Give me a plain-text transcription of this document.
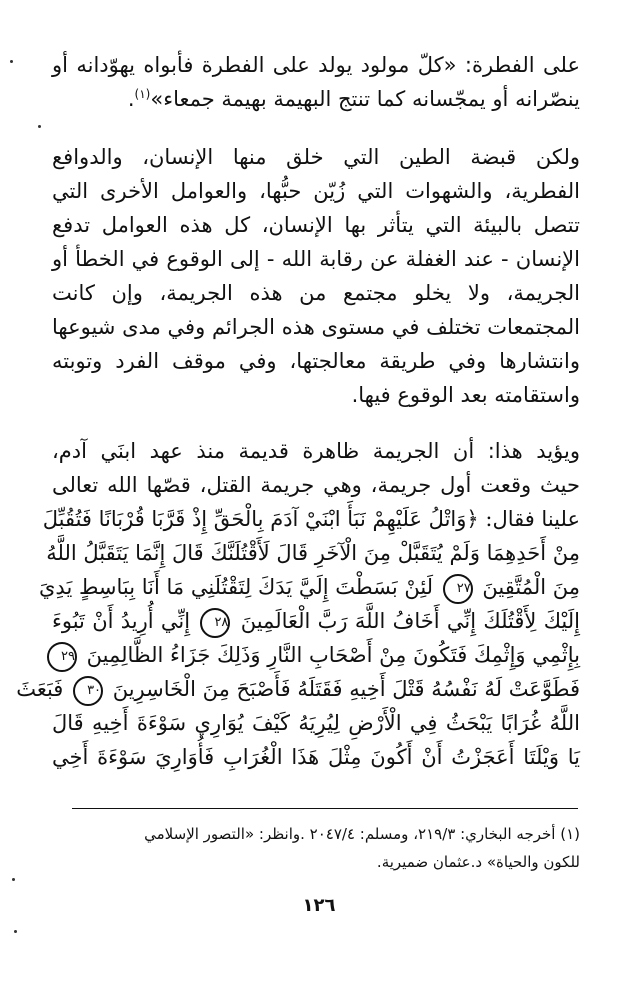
على الفطرة: «كلّ مولود يولد على الفطرة فأبواه يهوّدانه أو
ينصّرانه أو يمجّسانه كما تنتج البهيمة بهيمة جمعاء»$^{(١)}$.
ولكن قبضة الطين التي خلق منها الإنسان، والدوافع
الفطرية، والشهوات التي زُيّن حبُّها، والعوامل الأخرى التي
تتصل بالبيئة التي يتأثر بها الإنسان، كل هذه العوامل تدفع
الإنسان - عند الغفلة عن رقابة الله - إلى الوقوع في الخطأ أو
الجريمة، ولا يخلو مجتمع من هذه الجريمة، وإن كانت
المجتمعات تختلف في مستوى هذه الجرائم وفي مدى شيوعها
وانتشارها وفي طريقة معالجتها، وفي موقف الفرد وتوبته
واستقامته بعد الوقوع فيها.
ويؤيد هذا: أن الجريمة ظاهرة قديمة منذ عهد ابنَي آدم،
حيث وقعت أول جريمة، وهي جريمة القتل، قصّها الله تعالى
علينا فقال: ﴿وَاتْلُ عَلَيْهِمْ نَبَأَ ابْنَيْ آدَمَ بِالْحَقِّ إِذْ قَرَّبَا قُرْبَانًا فَتُقُبِّلَ
مِنْ أَحَدِهِمَا وَلَمْ يُتَقَبَّلْ مِنَ الْآخَرِ قَالَ لَأَقْتُلَنَّكَ قَالَ إِنَّمَا يَتَقَبَّلُ اللَّهُ
مِنَ الْمُتَّقِينَ ٢٧ لَئِنْ بَسَطْتَ إِلَيَّ يَدَكَ لِتَقْتُلَنِي مَا أَنَا بِبَاسِطٍ يَدِيَ
إِلَيْكَ لِأَقْتُلَكَ إِنِّي أَخَافُ اللَّهَ رَبَّ الْعَالَمِينَ ٢٨ إِنِّي أُرِيدُ أَنْ تَبُوءَ
بِإِثْمِي وَإِثْمِكَ فَتَكُونَ مِنْ أَصْحَابِ النَّارِ وَذَلِكَ جَزَاءُ الظَّالِمِينَ ٢٩
فَطَوَّعَتْ لَهُ نَفْسُهُ قَتْلَ أَخِيهِ فَقَتَلَهُ فَأَصْبَحَ مِنَ الْخَاسِرِينَ ٣٠ فَبَعَثَ
اللَّهُ غُرَابًا يَبْحَثُ فِي الْأَرْضِ لِيُرِيَهُ كَيْفَ يُوَارِي سَوْءَةَ أَخِيهِ قَالَ
يَا وَيْلَتَا أَعَجَزْتُ أَنْ أَكُونَ مِثْلَ هَذَا الْغُرَابِ فَأُوَارِيَ سَوْءَةَ أَخِي
(١) أخرجه البخاري: ٢١٩/٣، ومسلم: ٢٠٤٧/٤ .وانظر: «التصور الإسلامي
للكون والحياة» د.عثمان ضميرية.
١٢٦
